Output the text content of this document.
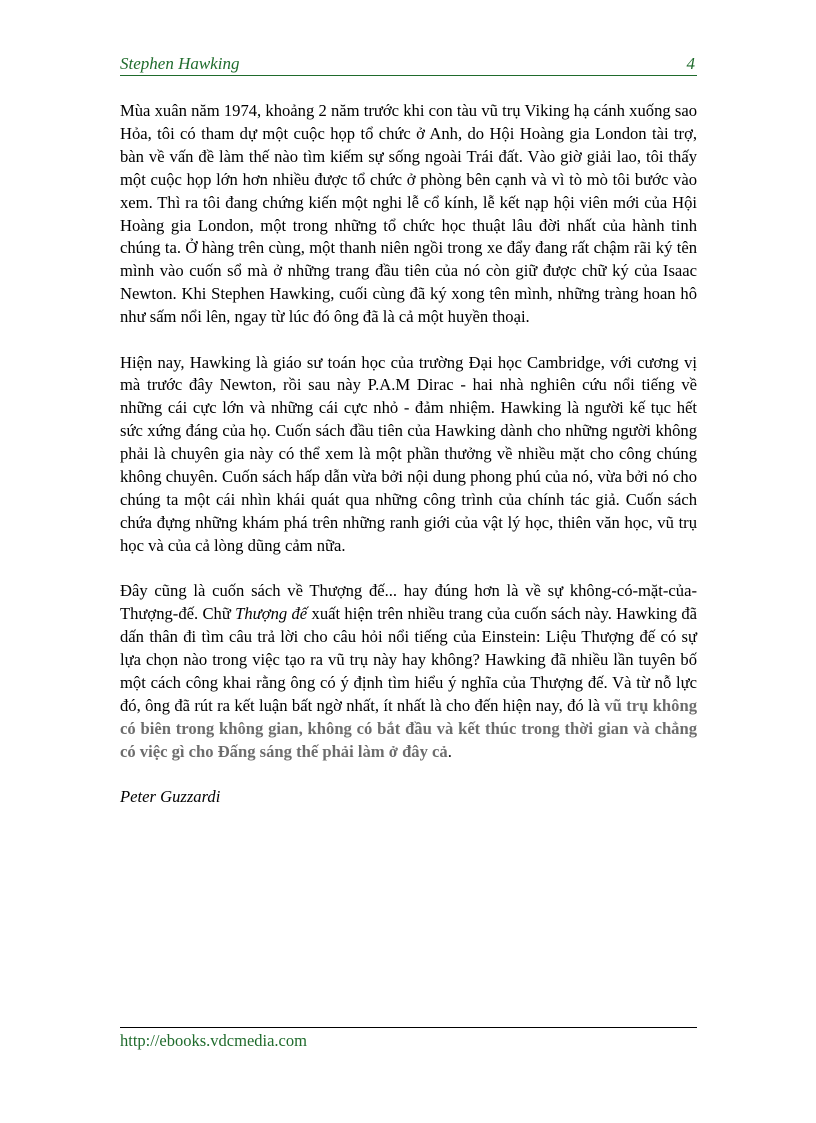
Stephen Hawking	4

Mùa xuân năm 1974, khoảng 2 năm trước khi con tàu vũ trụ Viking hạ cánh xuống sao Hỏa, tôi có tham dự một cuộc họp tổ chức ở Anh, do Hội Hoàng gia London tài trợ, bàn về vấn đề làm thế nào tìm kiếm sự sống ngoài Trái đất. Vào giờ giải lao, tôi thấy một cuộc họp lớn hơn nhiều được tổ chức ở phòng bên cạnh và vì tò mò tôi bước vào xem. Thì ra tôi đang chứng kiến một nghi lễ cổ kính, lễ kết nạp hội viên mới của Hội Hoàng gia London, một trong những tổ chức học thuật lâu đời nhất của hành tinh chúng ta. Ở hàng trên cùng, một thanh niên ngồi trong xe đẩy đang rất chậm rãi ký tên mình vào cuốn sổ mà ở những trang đầu tiên của nó còn giữ được chữ ký của Isaac Newton. Khi Stephen Hawking, cuối cùng đã ký xong tên mình, những tràng hoan hô như sấm nổi lên, ngay từ lúc đó ông đã là cả một huyền thoại.

Hiện nay, Hawking là giáo sư toán học của trường Đại học Cambridge, với cương vị mà trước đây Newton, rồi sau này P.A.M Dirac - hai nhà nghiên cứu nổi tiếng về những cái cực lớn và những cái cực nhỏ - đảm nhiệm. Hawking là người kế tục hết sức xứng đáng của họ. Cuốn sách đầu tiên của Hawking dành cho những người không phải là chuyên gia này có thể xem là một phần thưởng về nhiều mặt cho công chúng không chuyên. Cuốn sách hấp dẫn vừa bởi nội dung phong phú của nó, vừa bởi nó cho chúng ta một cái nhìn khái quát qua những công trình của chính tác giả. Cuốn sách chứa đựng những khám phá trên những ranh giới của vật lý học, thiên văn học, vũ trụ học và của cả lòng dũng cảm nữa.

Đây cũng là cuốn sách về Thượng đế... hay đúng hơn là về sự không-có-mặt-của-Thượng-đế. Chữ Thượng đế xuất hiện trên nhiều trang của cuốn sách này. Hawking đã dấn thân đi tìm câu trả lời cho câu hỏi nổi tiếng của Einstein: Liệu Thượng đế có sự lựa chọn nào trong việc tạo ra vũ trụ này hay không? Hawking đã nhiều lần tuyên bố một cách công khai rằng ông có ý định tìm hiểu ý nghĩa của Thượng đế. Và từ nỗ lực đó, ông đã rút ra kết luận bất ngờ nhất, ít nhất là cho đến hiện nay, đó là vũ trụ không có biên trong không gian, không có bắt đầu và kết thúc trong thời gian và chẳng có việc gì cho Đấng sáng thế phải làm ở đây cả.

Peter Guzzardi

http://ebooks.vdcmedia.com
